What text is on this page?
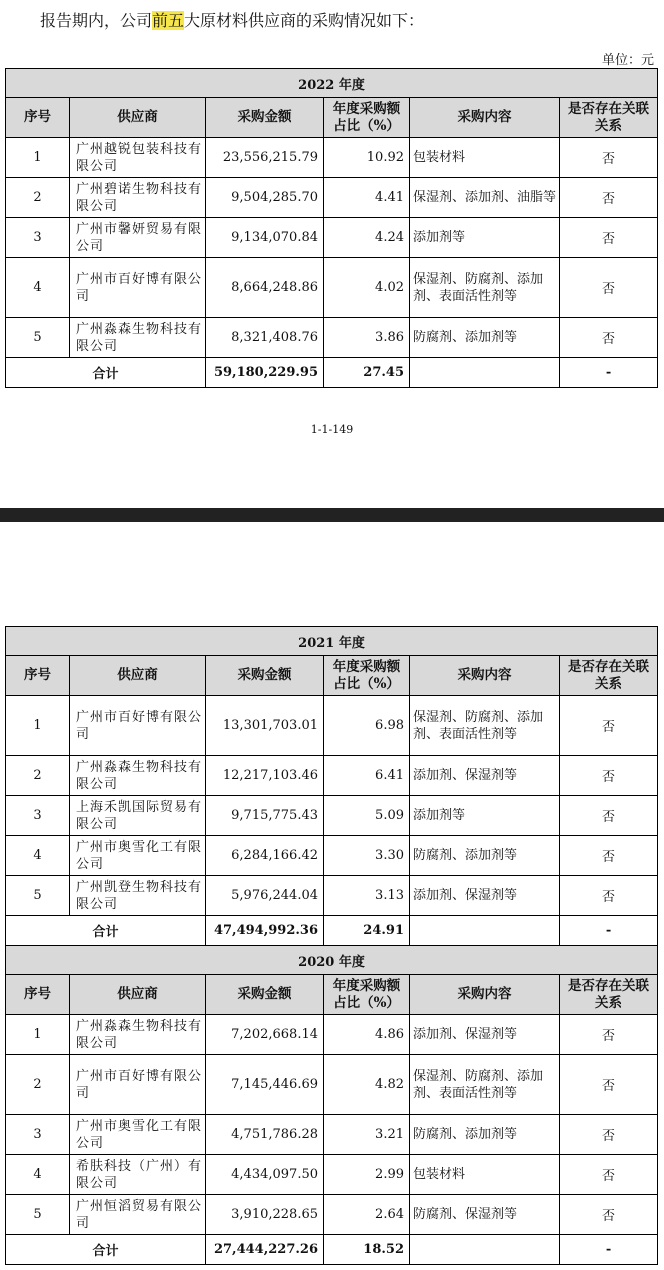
报告期内，公司前五大原材料供应商的采购情况如下：
单位：元
2022 年度					
序号	供应商	采购金额	年度采购额占比（%）	采购内容	是否存在关联关系
1	广州越锐包装科技有限公司	23,556,215.79	10.92	包装材料	否
2	广州碧诺生物科技有限公司	9,504,285.70	4.41	保湿剂、添加剂、油脂等	否
3	广州市馨妍贸易有限公司	9,134,070.84	4.24	添加剂等	否
4	广州市百好博有限公司	8,664,248.86	4.02	保湿剂、防腐剂、添加剂、表面活性剂等	否
5	广州淼森生物科技有限公司	8,321,408.76	3.86	防腐剂、添加剂等	否
合计		59,180,229.95	27.45		-
1-1-149
2021 年度					
序号	供应商	采购金额	年度采购额占比（%）	采购内容	是否存在关联关系
1	广州市百好博有限公司	13,301,703.01	6.98	保湿剂、防腐剂、添加剂、表面活性剂等	否
2	广州淼森生物科技有限公司	12,217,103.46	6.41	添加剂、保湿剂等	否
3	上海禾凯国际贸易有限公司	9,715,775.43	5.09	添加剂等	否
4	广州市奥雪化工有限公司	6,284,166.42	3.30	防腐剂、添加剂等	否
5	广州凯登生物科技有限公司	5,976,244.04	3.13	添加剂、保湿剂等	否
合计		47,494,992.36	24.91		-
2020 年度					
序号	供应商	采购金额	年度采购额占比（%）	采购内容	是否存在关联关系
1	广州淼森生物科技有限公司	7,202,668.14	4.86	添加剂、保湿剂等	否
2	广州市百好博有限公司	7,145,446.69	4.82	保湿剂、防腐剂、添加剂、表面活性剂等	否
3	广州市奥雪化工有限公司	4,751,786.28	3.21	防腐剂、添加剂等	否
4	希肤科技（广州）有限公司	4,434,097.50	2.99	包装材料	否
5	广州恒滔贸易有限公司	3,910,228.65	2.64	防腐剂、保湿剂等	否
合计		27,444,227.26	18.52		-
